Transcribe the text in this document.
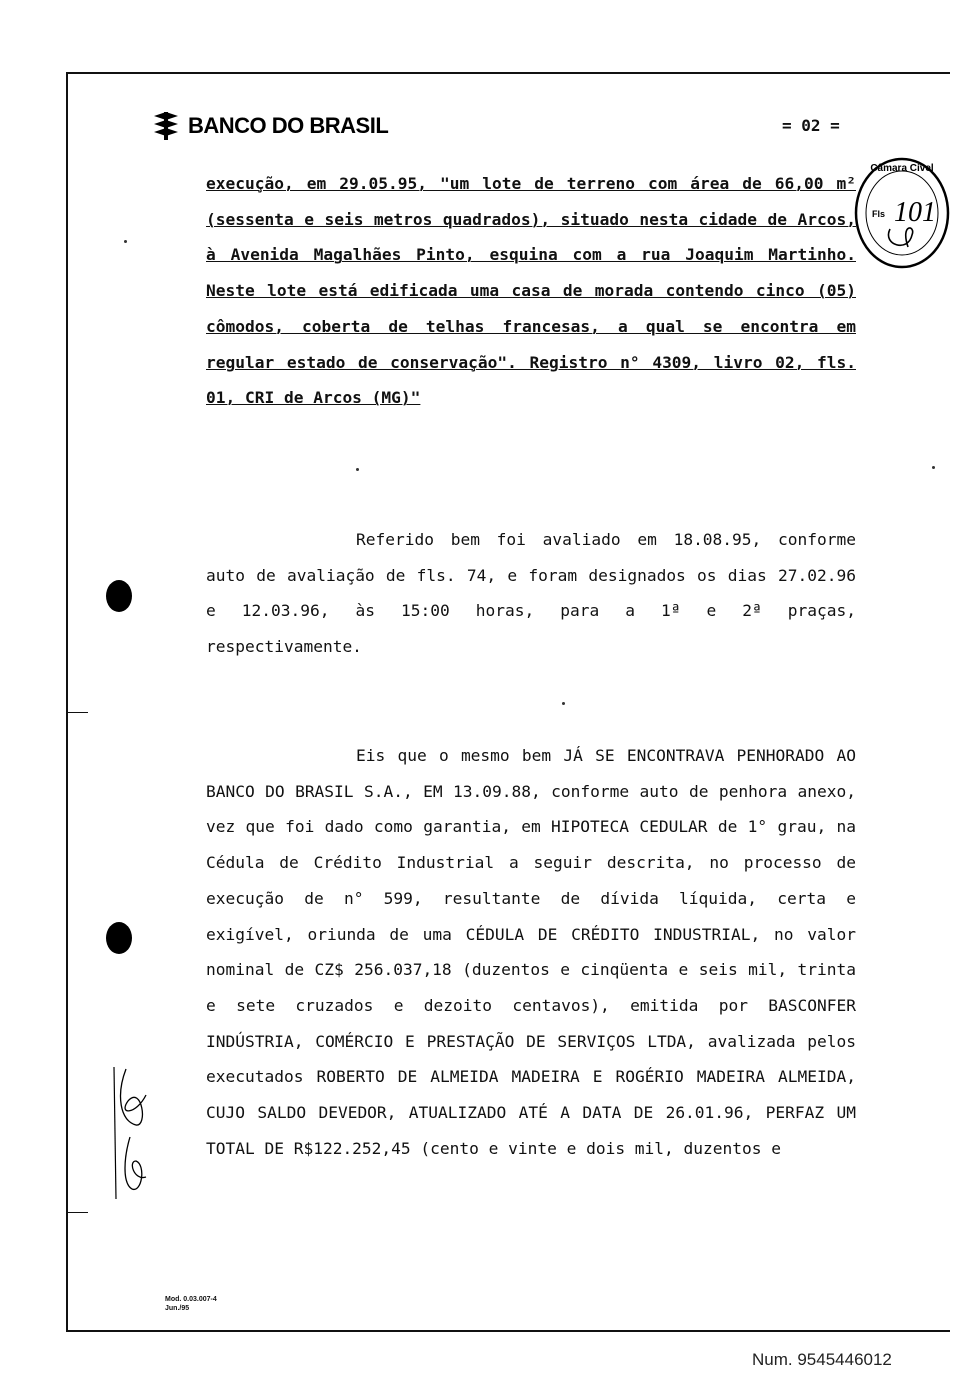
BANCO DO BRASIL	= 02 =
Câmara Cível
Fls 101

execução, em 29.05.95, "um lote de terreno com área de 66,00 m² (sessenta e seis metros quadrados), situado nesta cidade de Arcos, à Avenida Magalhães Pinto, esquina com a rua Joaquim Martinho. Neste lote está edificada uma casa de morada contendo cinco (05) cômodos, coberta de telhas francesas, a qual se encontra em regular estado de conservação". Registro n° 4309, livro 02, fls. 01, CRI de Arcos (MG)"

Referido bem foi avaliado em 18.08.95, conforme auto de avaliação de fls. 74, e foram designados os dias 27.02.96 e 12.03.96, às 15:00 horas, para a 1ª e 2ª praças, respectivamente.

Eis que o mesmo bem JÁ SE ENCONTRAVA PENHORADO AO BANCO DO BRASIL S.A., EM 13.09.88, conforme auto de penhora anexo, vez que foi dado como garantia, em HIPOTECA CEDULAR de 1° grau, na Cédula de Crédito Industrial a seguir descrita, no processo de execução de n° 599, resultante de dívida líquida, certa e exigível, oriunda de uma CÉDULA DE CRÉDITO INDUSTRIAL, no valor nominal de CZ$ 256.037,18 (duzentos e cinqüenta e seis mil, trinta e sete cruzados e dezoito centavos), emitida por BASCONFER INDÚSTRIA, COMÉRCIO E PRESTAÇÃO DE SERVIÇOS LTDA, avalizada pelos executados ROBERTO DE ALMEIDA MADEIRA E ROGÉRIO MADEIRA ALMEIDA, CUJO SALDO DEVEDOR, ATUALIZADO ATÉ A DATA DE 26.01.96, PERFAZ UM TOTAL DE R$122.252,45 (cento e vinte e dois mil, duzentos e

Mod. 0.03.007-4
Jun./95
Num. 9545446012
